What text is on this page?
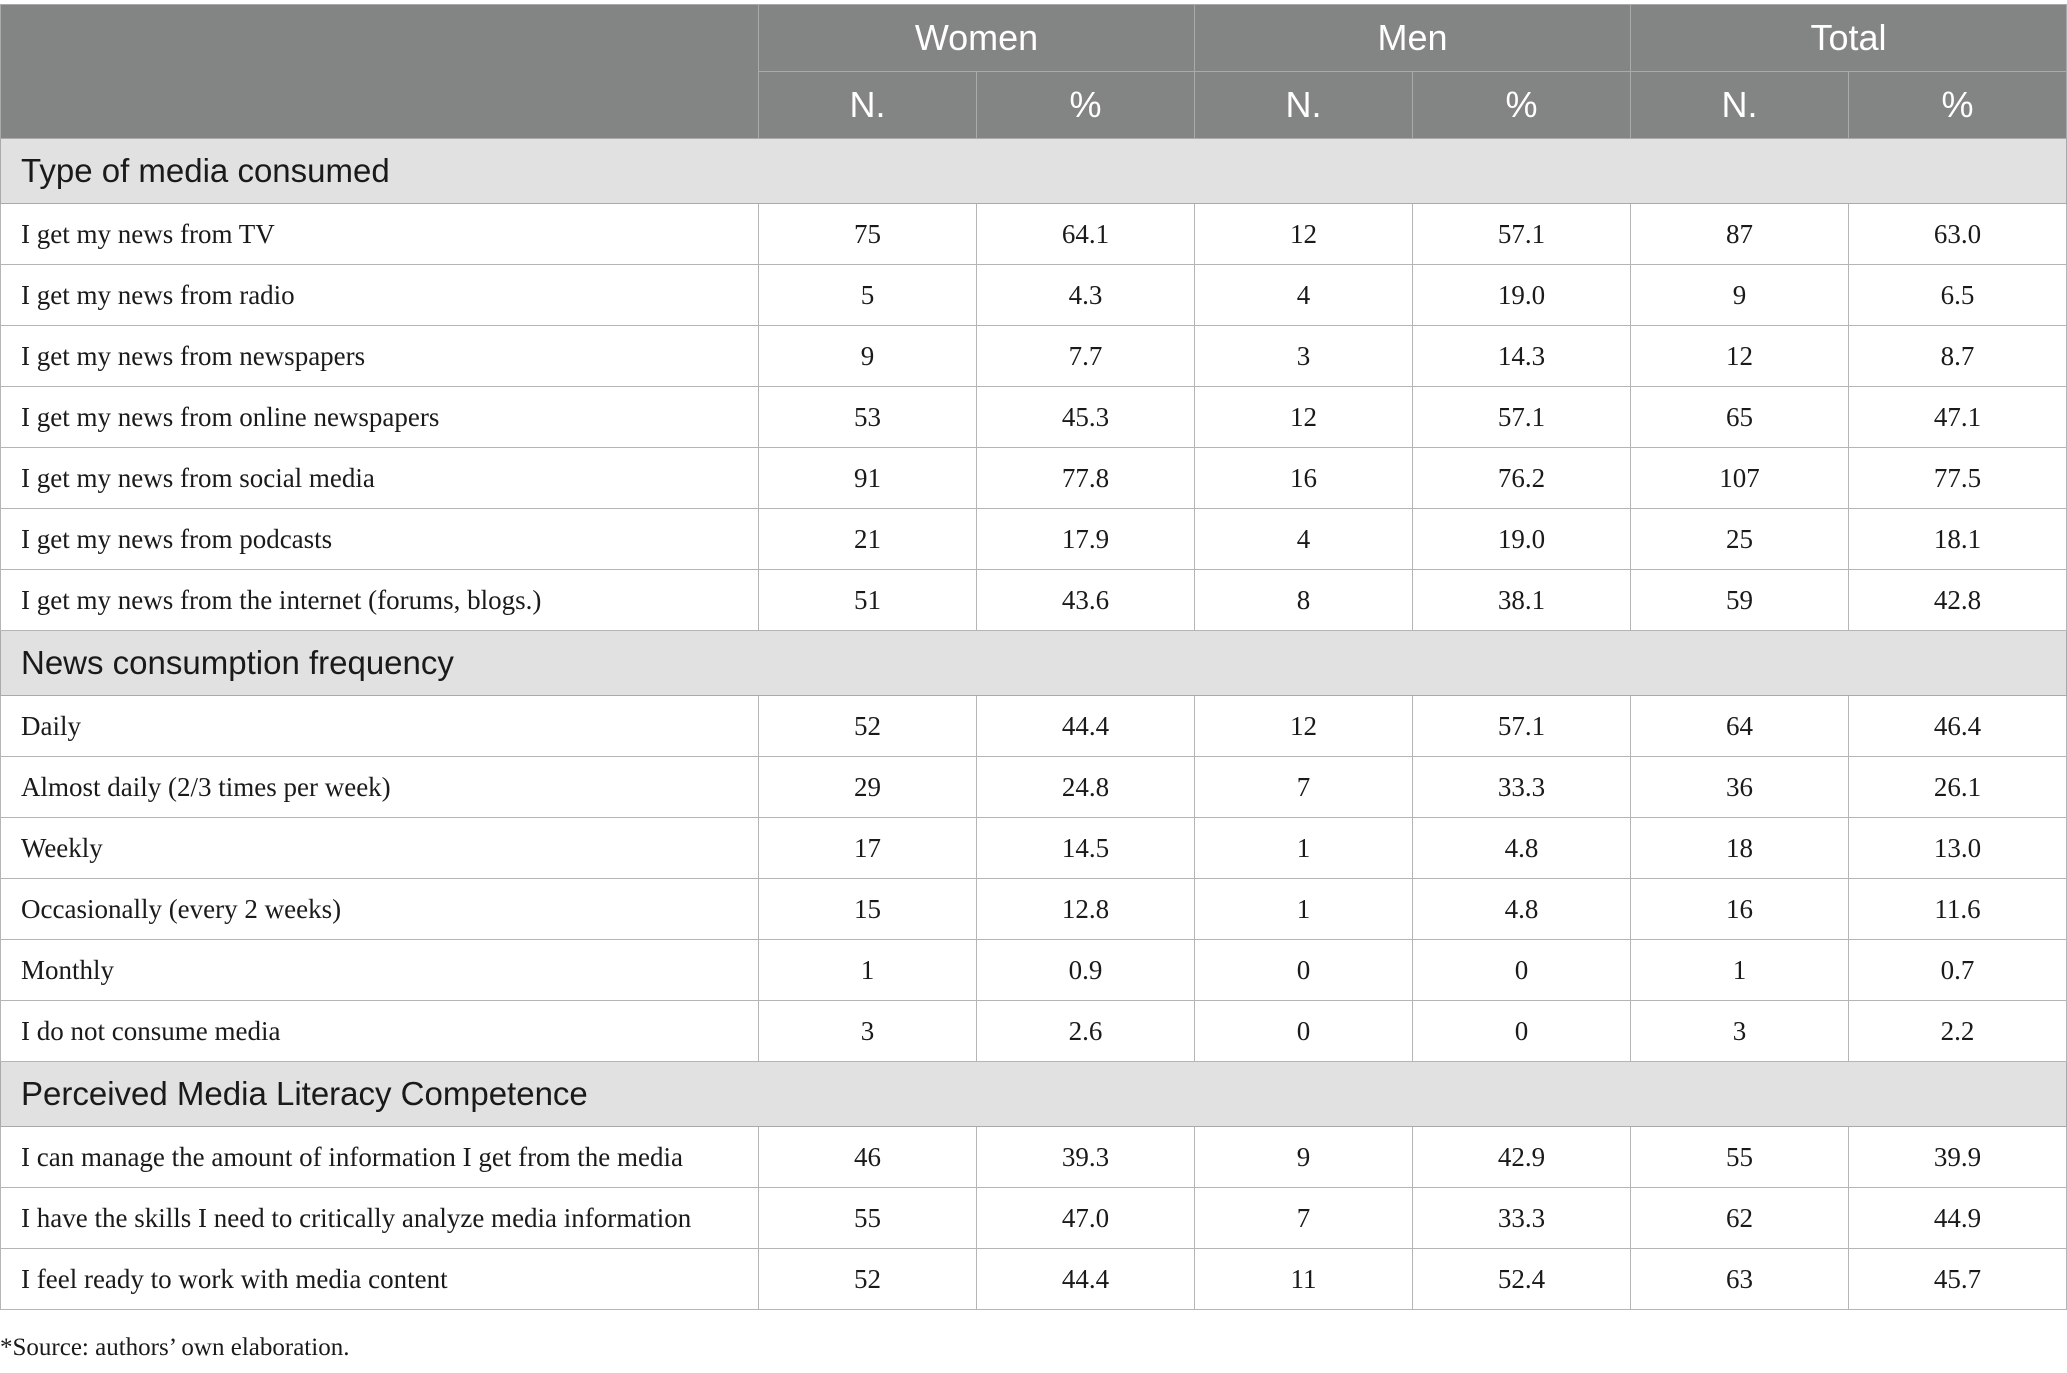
	Women		Men		Total	
	N.	%	N.	%	N.	%
Type of media consumed						
I get my news from TV	75	64.1	12	57.1	87	63.0
I get my news from radio	5	4.3	4	19.0	9	6.5
I get my news from newspapers	9	7.7	3	14.3	12	8.7
I get my news from online newspapers	53	45.3	12	57.1	65	47.1
I get my news from social media	91	77.8	16	76.2	107	77.5
I get my news from podcasts	21	17.9	4	19.0	25	18.1
I get my news from the internet (forums, blogs.)	51	43.6	8	38.1	59	42.8
News consumption frequency						
Daily	52	44.4	12	57.1	64	46.4
Almost daily (2/3 times per week)	29	24.8	7	33.3	36	26.1
Weekly	17	14.5	1	4.8	18	13.0
Occasionally (every 2 weeks)	15	12.8	1	4.8	16	11.6
Monthly	1	0.9	0	0	1	0.7
I do not consume media	3	2.6	0	0	3	2.2
Perceived Media Literacy Competence						
I can manage the amount of information I get from the media	46	39.3	9	42.9	55	39.9
I have the skills I need to critically analyze media information	55	47.0	7	33.3	62	44.9
I feel ready to work with media content	52	44.4	11	52.4	63	45.7
*Source: authors’ own elaboration.
